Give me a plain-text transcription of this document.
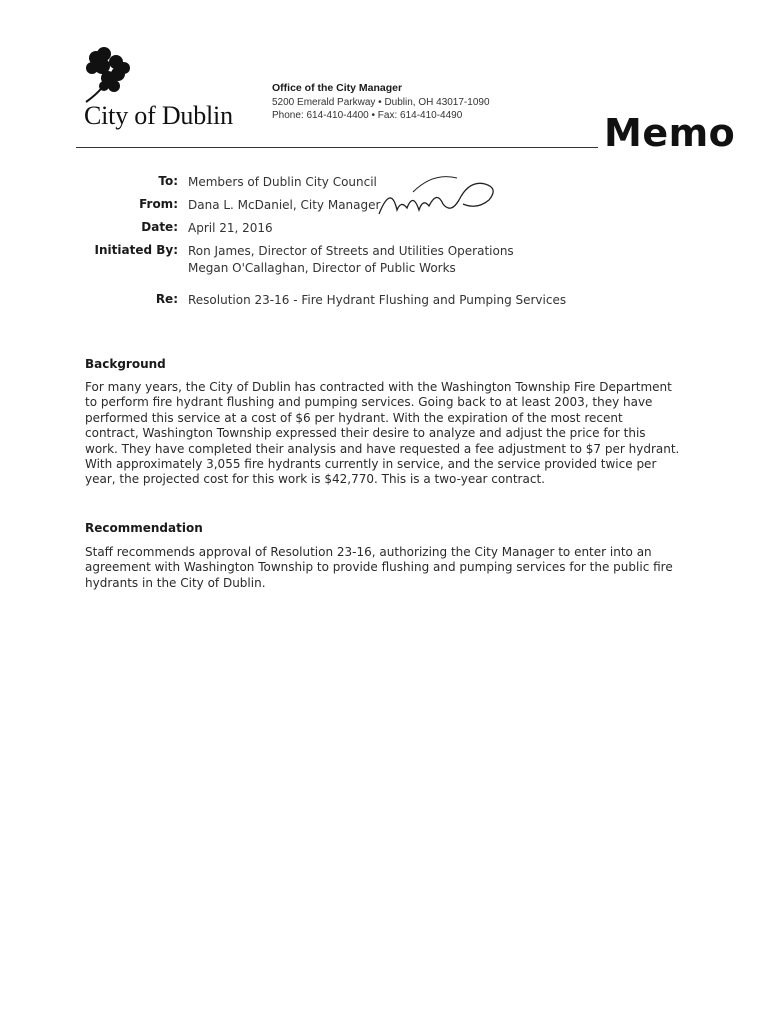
City of Dublin
Office of the City Manager
5200 Emerald Parkway • Dublin, OH 43017-1090
Phone: 614-410-4400 • Fax: 614-410-4490	Memo
To: Members of Dublin City Council
From: Dana L. McDaniel, City Manager
Date: April 21, 2016
Initiated By: Ron James, Director of Streets and Utilities Operations
Megan O'Callaghan, Director of Public Works
Re: Resolution 23-16 - Fire Hydrant Flushing and Pumping Services
Background
For many years, the City of Dublin has contracted with the Washington Township Fire Department
to perform fire hydrant flushing and pumping services. Going back to at least 2003, they have
performed this service at a cost of $6 per hydrant. With the expiration of the most recent
contract, Washington Township expressed their desire to analyze and adjust the price for this
work. They have completed their analysis and have requested a fee adjustment to $7 per hydrant.
With approximately 3,055 fire hydrants currently in service, and the service provided twice per
year, the projected cost for this work is $42,770. This is a two-year contract.
Recommendation
Staff recommends approval of Resolution 23-16, authorizing the City Manager to enter into an
agreement with Washington Township to provide flushing and pumping services for the public fire
hydrants in the City of Dublin.
